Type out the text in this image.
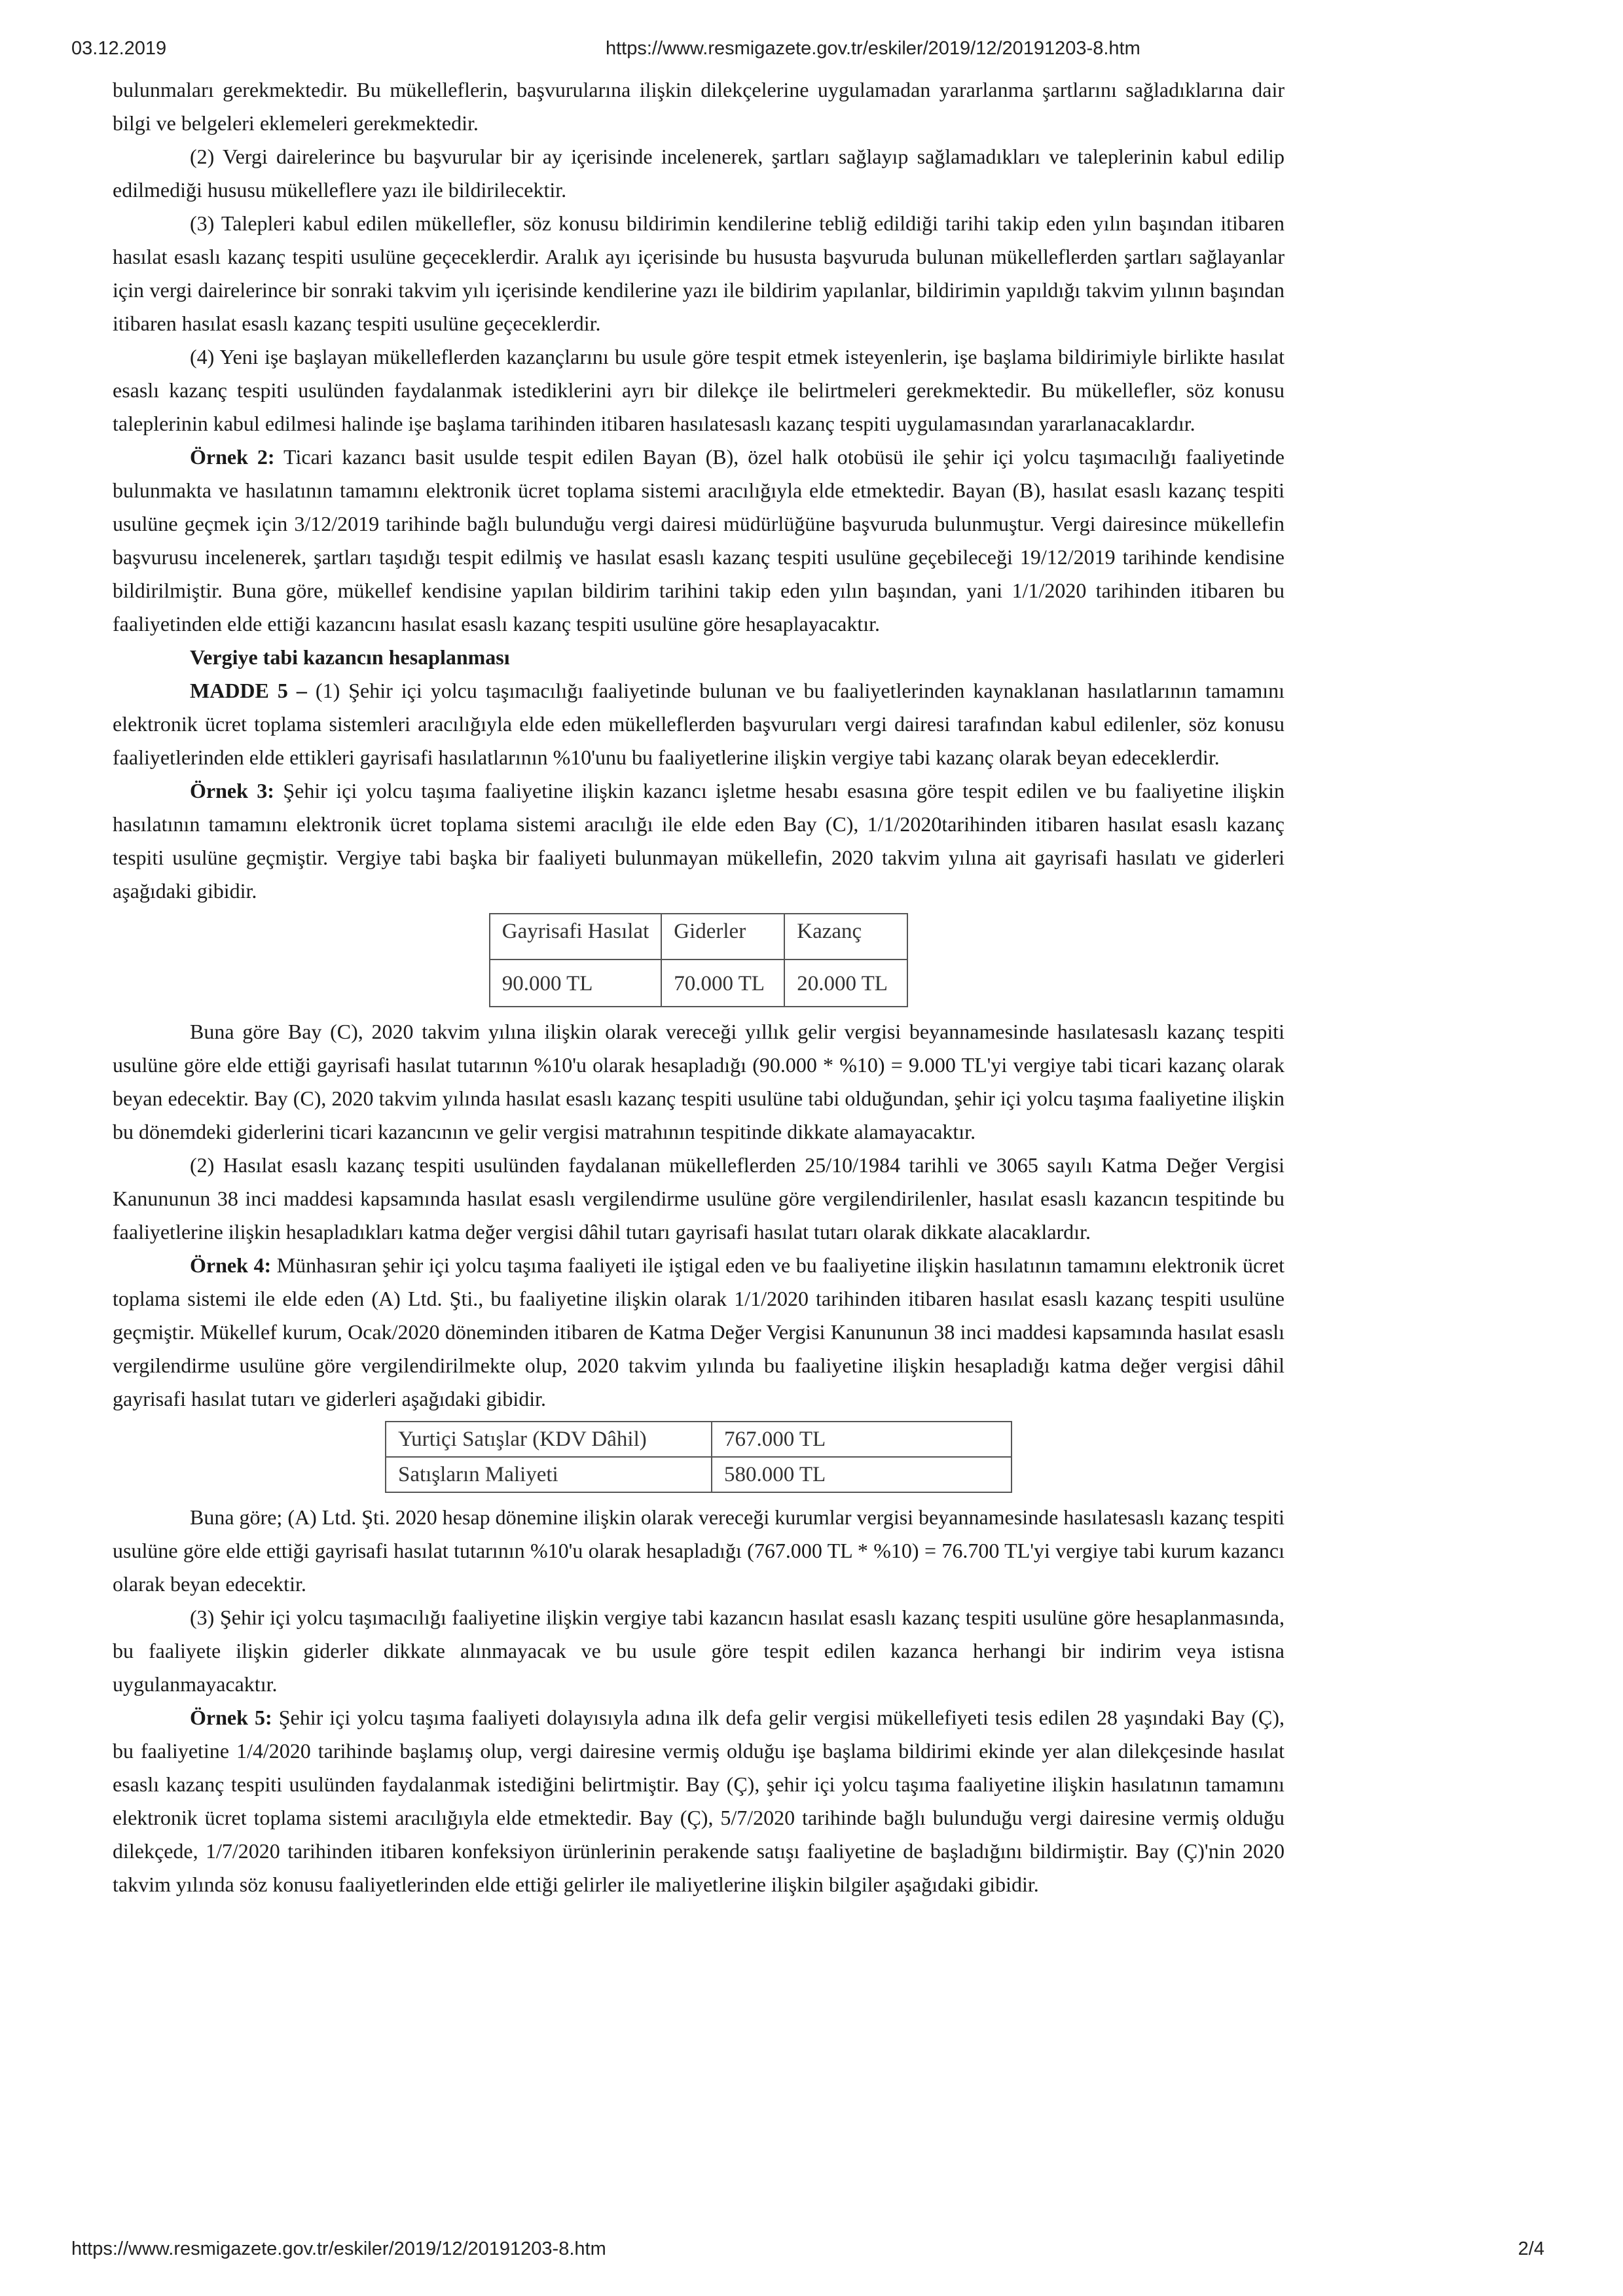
03.12.2019	https://www.resmigazete.gov.tr/eskiler/2019/12/20191203-8.htm

bulunmaları gerekmektedir. Bu mükelleflerin, başvurularına ilişkin dilekçelerine uygulamadan yararlanma şartlarını sağladıklarına dair bilgi ve belgeleri eklemeleri gerekmektedir.

(2) Vergi dairelerince bu başvurular bir ay içerisinde incelenerek, şartları sağlayıp sağlamadıkları ve taleplerinin kabul edilip edilmediği hususu mükelleflere yazı ile bildirilecektir.

(3) Talepleri kabul edilen mükellefler, söz konusu bildirimin kendilerine tebliğ edildiği tarihi takip eden yılın başından itibaren hasılat esaslı kazanç tespiti usulüne geçeceklerdir. Aralık ayı içerisinde bu hususta başvuruda bulunan mükelleflerden şartları sağlayanlar için vergi dairelerince bir sonraki takvim yılı içerisinde kendilerine yazı ile bildirim yapılanlar, bildirimin yapıldığı takvim yılının başından itibaren hasılat esaslı kazanç tespiti usulüne geçeceklerdir.

(4) Yeni işe başlayan mükelleflerden kazançlarını bu usule göre tespit etmek isteyenlerin, işe başlama bildirimiyle birlikte hasılat esaslı kazanç tespiti usulünden faydalanmak istediklerini ayrı bir dilekçe ile belirtmeleri gerekmektedir. Bu mükellefler, söz konusu taleplerinin kabul edilmesi halinde işe başlama tarihinden itibaren hasılatesaslı kazanç tespiti uygulamasından yararlanacaklardır.

Örnek 2: Ticari kazancı basit usulde tespit edilen Bayan (B), özel halk otobüsü ile şehir içi yolcu taşımacılığı faaliyetinde bulunmakta ve hasılatının tamamını elektronik ücret toplama sistemi aracılığıyla elde etmektedir. Bayan (B), hasılat esaslı kazanç tespiti usulüne geçmek için 3/12/2019 tarihinde bağlı bulunduğu vergi dairesi müdürlüğüne başvuruda bulunmuştur. Vergi dairesince mükellefin başvurusu incelenerek, şartları taşıdığı tespit edilmiş ve hasılat esaslı kazanç tespiti usulüne geçebileceği 19/12/2019 tarihinde kendisine bildirilmiştir. Buna göre, mükellef kendisine yapılan bildirim tarihini takip eden yılın başından, yani 1/1/2020 tarihinden itibaren bu faaliyetinden elde ettiği kazancını hasılat esaslı kazanç tespiti usulüne göre hesaplayacaktır.

Vergiye tabi kazancın hesaplanması

MADDE 5 – (1) Şehir içi yolcu taşımacılığı faaliyetinde bulunan ve bu faaliyetlerinden kaynaklanan hasılatlarının tamamını elektronik ücret toplama sistemleri aracılığıyla elde eden mükelleflerden başvuruları vergi dairesi tarafından kabul edilenler, söz konusu faaliyetlerinden elde ettikleri gayrisafi hasılatlarının %10'unu bu faaliyetlerine ilişkin vergiye tabi kazanç olarak beyan edeceklerdir.

Örnek 3: Şehir içi yolcu taşıma faaliyetine ilişkin kazancı işletme hesabı esasına göre tespit edilen ve bu faaliyetine ilişkin hasılatının tamamını elektronik ücret toplama sistemi aracılığı ile elde eden Bay (C), 1/1/2020tarihinden itibaren hasılat esaslı kazanç tespiti usulüne geçmiştir. Vergiye tabi başka bir faaliyeti bulunmayan mükellefin, 2020 takvim yılına ait gayrisafi hasılatı ve giderleri aşağıdaki gibidir.

Gayrisafi Hasılat	Giderler	Kazanç
90.000 TL	70.000 TL	20.000 TL

Buna göre Bay (C), 2020 takvim yılına ilişkin olarak vereceği yıllık gelir vergisi beyannamesinde hasılatesaslı kazanç tespiti usulüne göre elde ettiği gayrisafi hasılat tutarının %10'u olarak hesapladığı (90.000 * %10) = 9.000 TL'yi vergiye tabi ticari kazanç olarak beyan edecektir. Bay (C), 2020 takvim yılında hasılat esaslı kazanç tespiti usulüne tabi olduğundan, şehir içi yolcu taşıma faaliyetine ilişkin bu dönemdeki giderlerini ticari kazancının ve gelir vergisi matrahının tespitinde dikkate alamayacaktır.

(2) Hasılat esaslı kazanç tespiti usulünden faydalanan mükelleflerden 25/10/1984 tarihli ve 3065 sayılı Katma Değer Vergisi Kanununun 38 inci maddesi kapsamında hasılat esaslı vergilendirme usulüne göre vergilendirilenler, hasılat esaslı kazancın tespitinde bu faaliyetlerine ilişkin hesapladıkları katma değer vergisi dâhil tutarı gayrisafi hasılat tutarı olarak dikkate alacaklardır.

Örnek 4: Münhasıran şehir içi yolcu taşıma faaliyeti ile iştigal eden ve bu faaliyetine ilişkin hasılatının tamamını elektronik ücret toplama sistemi ile elde eden (A) Ltd. Şti., bu faaliyetine ilişkin olarak 1/1/2020 tarihinden itibaren hasılat esaslı kazanç tespiti usulüne geçmiştir. Mükellef kurum, Ocak/2020 döneminden itibaren de Katma Değer Vergisi Kanununun 38 inci maddesi kapsamında hasılat esaslı vergilendirme usulüne göre vergilendirilmekte olup, 2020 takvim yılında bu faaliyetine ilişkin hesapladığı katma değer vergisi dâhil gayrisafi hasılat tutarı ve giderleri aşağıdaki gibidir.

Yurtiçi Satışlar (KDV Dâhil)	767.000 TL
Satışların Maliyeti	580.000 TL

Buna göre; (A) Ltd. Şti. 2020 hesap dönemine ilişkin olarak vereceği kurumlar vergisi beyannamesinde hasılatesaslı kazanç tespiti usulüne göre elde ettiği gayrisafi hasılat tutarının %10'u olarak hesapladığı (767.000 TL * %10) = 76.700 TL'yi vergiye tabi kurum kazancı olarak beyan edecektir.

(3) Şehir içi yolcu taşımacılığı faaliyetine ilişkin vergiye tabi kazancın hasılat esaslı kazanç tespiti usulüne göre hesaplanmasında, bu faaliyete ilişkin giderler dikkate alınmayacak ve bu usule göre tespit edilen kazanca herhangi bir indirim veya istisna uygulanmayacaktır.

Örnek 5: Şehir içi yolcu taşıma faaliyeti dolayısıyla adına ilk defa gelir vergisi mükellefiyeti tesis edilen 28 yaşındaki Bay (Ç), bu faaliyetine 1/4/2020 tarihinde başlamış olup, vergi dairesine vermiş olduğu işe başlama bildirimi ekinde yer alan dilekçesinde hasılat esaslı kazanç tespiti usulünden faydalanmak istediğini belirtmiştir. Bay (Ç), şehir içi yolcu taşıma faaliyetine ilişkin hasılatının tamamını elektronik ücret toplama sistemi aracılığıyla elde etmektedir. Bay (Ç), 5/7/2020 tarihinde bağlı bulunduğu vergi dairesine vermiş olduğu dilekçede, 1/7/2020 tarihinden itibaren konfeksiyon ürünlerinin perakende satışı faaliyetine de başladığını bildirmiştir. Bay (Ç)'nin 2020 takvim yılında söz konusu faaliyetlerinden elde ettiği gelirler ile maliyetlerine ilişkin bilgiler aşağıdaki gibidir.

https://www.resmigazete.gov.tr/eskiler/2019/12/20191203-8.htm	2/4
